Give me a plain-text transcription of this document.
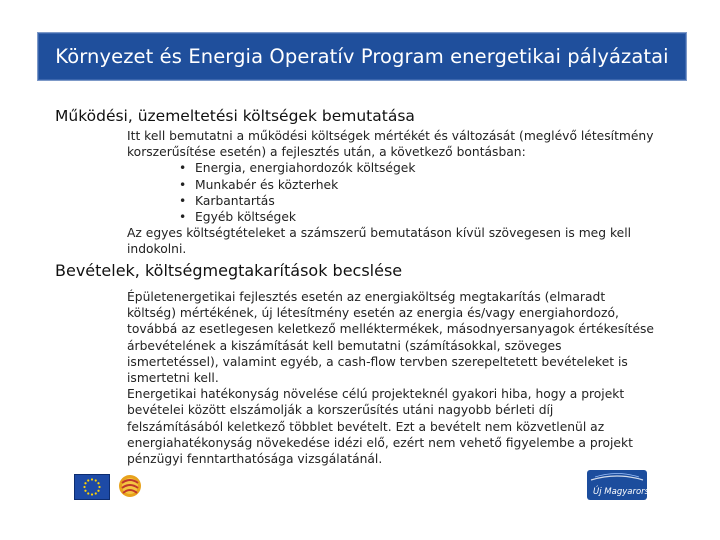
Környezet és Energia Operatív Program energetikai pályázatai
Működési, üzemeltetési költségek bemutatása
Itt kell bemutatni a működési költségek mértékét és változását (meglévő létesítmény
korszerűsítése esetén) a fejlesztés után, a következő bontásban:
• Energia, energiahordozók költségek
• Munkabér és közterhek
• Karbantartás
• Egyéb költségek
Az egyes költségtételeket a számszerű bemutatáson kívül szövegesen is meg kell
indokolni.
Bevételek, költségmegtakarítások becslése
Épületenergetikai fejlesztés esetén az energiaköltség megtakarítás (elmaradt
költség) mértékének, új létesítmény esetén az energia és/vagy energiahordozó,
továbbá az esetlegesen keletkező melléktermékek, másodnyersanyagok értékesítése
árbevételének a kiszámítását kell bemutatni (számításokkal, szöveges
ismertetéssel), valamint egyéb, a cash-flow tervben szerepeltetett bevételeket is
ismertetni kell.
Energetikai hatékonyság növelése célú projekteknél gyakori hiba, hogy a projekt
bevételei között elszámolják a korszerűsítés utáni nagyobb bérleti díj
felszámításából keletkező többlet bevételt. Ezt a bevételt nem közvetlenül az
energiahatékonyság növekedése idézi elő, ezért nem vehető figyelembe a projekt
pénzügyi fenntarthatósága vizsgálatánál.
Új Magyarország
